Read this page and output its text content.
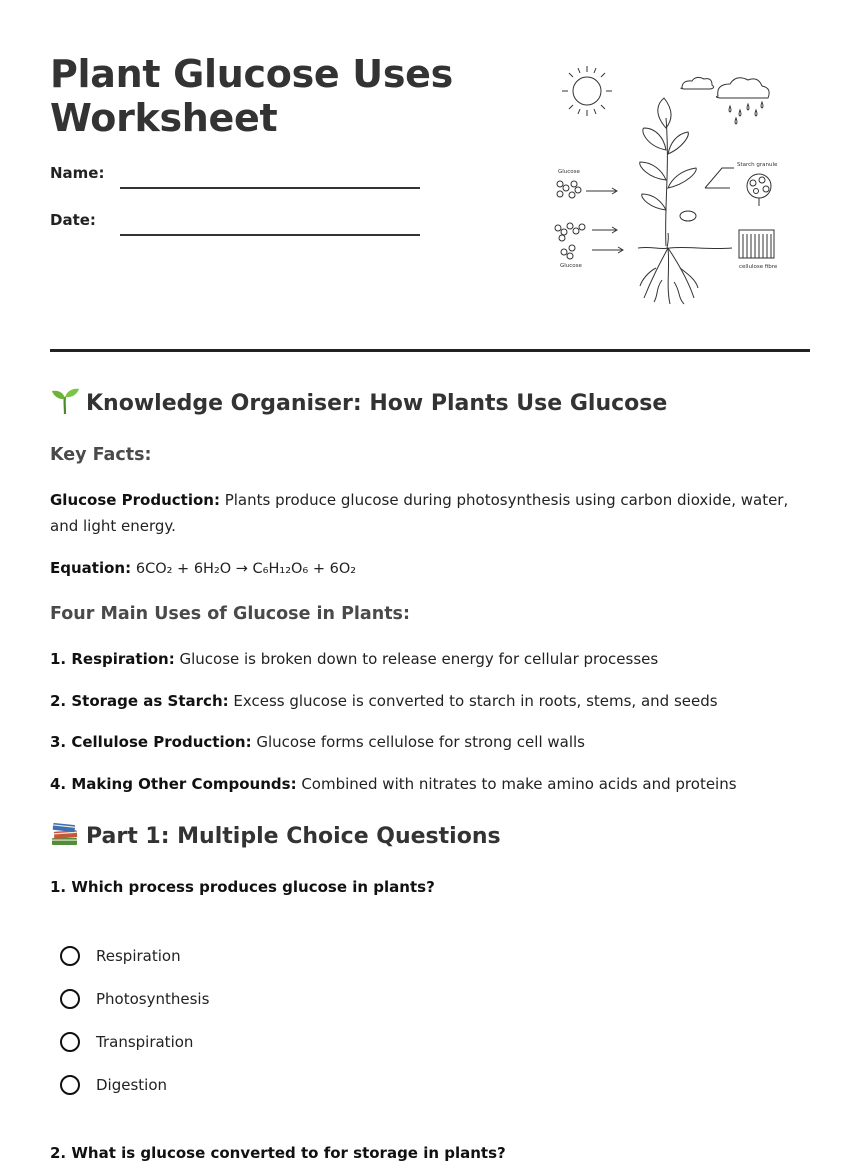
Plant Glucose Uses Worksheet
Name:
Date:
Glucose
Starch granule
Glucose	cellulose fibre
Knowledge Organiser: How Plants Use Glucose
Key Facts:

Glucose Production: Plants produce glucose during photosynthesis using carbon dioxide, water, and light energy.

Equation: 6CO₂ + 6H₂O → C₆H₁₂O₆ + 6O₂

Four Main Uses of Glucose in Plants:

1. Respiration: Glucose is broken down to release energy for cellular processes

2. Storage as Starch: Excess glucose is converted to starch in roots, stems, and seeds

3. Cellulose Production: Glucose forms cellulose for strong cell walls

4. Making Other Compounds: Combined with nitrates to make amino acids and proteins

Part 1: Multiple Choice Questions

1. Which process produces glucose in plants?

Respiration
Photosynthesis
Transpiration
Digestion

2. What is glucose converted to for storage in plants?
